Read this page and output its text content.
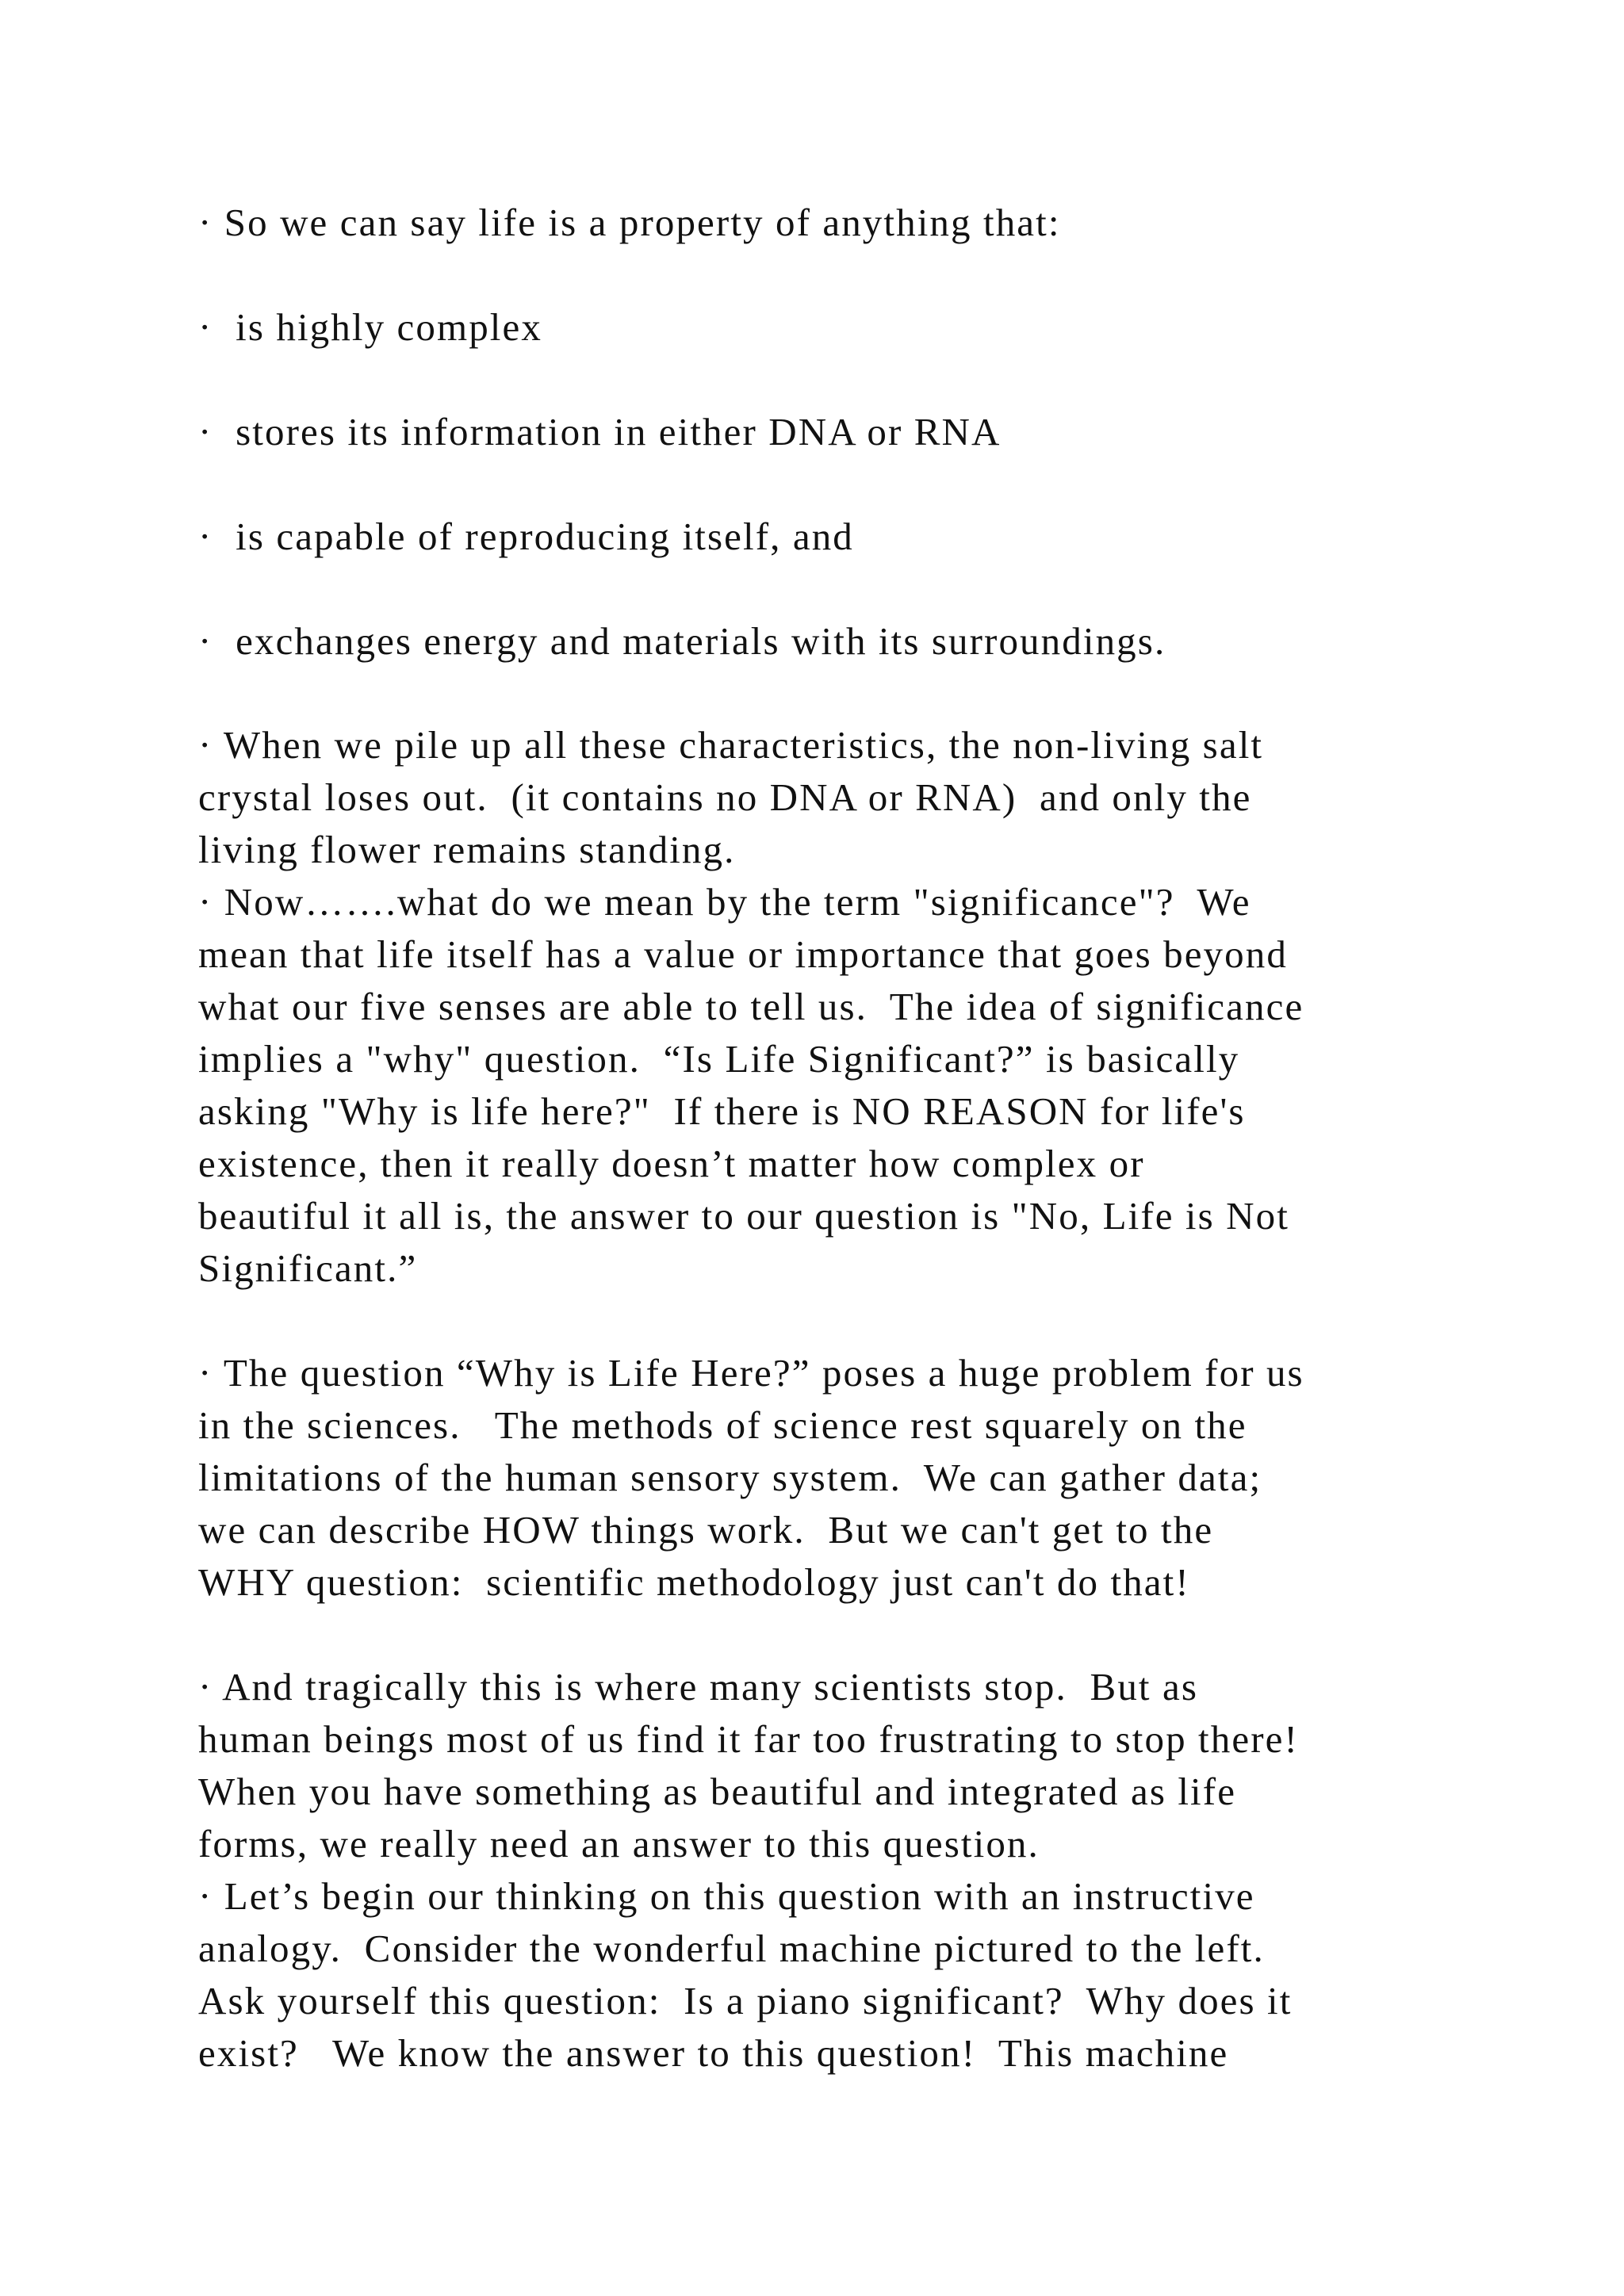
· So we can say life is a property of anything that:

·  is highly complex

·  stores its information in either DNA or RNA

·  is capable of reproducing itself, and

·  exchanges energy and materials with its surroundings.

· When we pile up all these characteristics, the non-living salt

crystal loses out.  (it contains no DNA or RNA)  and only the

living flower remains standing.

· Now…….what do we mean by the term "significance"?  We

mean that life itself has a value or importance that goes beyond

what our five senses are able to tell us.  The idea of significance

implies a "why" question.  “Is Life Significant?” is basically

asking "Why is life here?"  If there is NO REASON for life's

existence, then it really doesn’t matter how complex or

beautiful it all is, the answer to our question is "No, Life is Not

Significant.”

· The question “Why is Life Here?” poses a huge problem for us

in the sciences.   The methods of science rest squarely on the

limitations of the human sensory system.  We can gather data;

we can describe HOW things work.  But we can't get to the

WHY question:  scientific methodology just can't do that!

· And tragically this is where many scientists stop.  But as

human beings most of us find it far too frustrating to stop there!

When you have something as beautiful and integrated as life

forms, we really need an answer to this question.

· Let’s begin our thinking on this question with an instructive

analogy.  Consider the wonderful machine pictured to the left.

Ask yourself this question:  Is a piano significant?  Why does it

exist?   We know the answer to this question!  This machine
